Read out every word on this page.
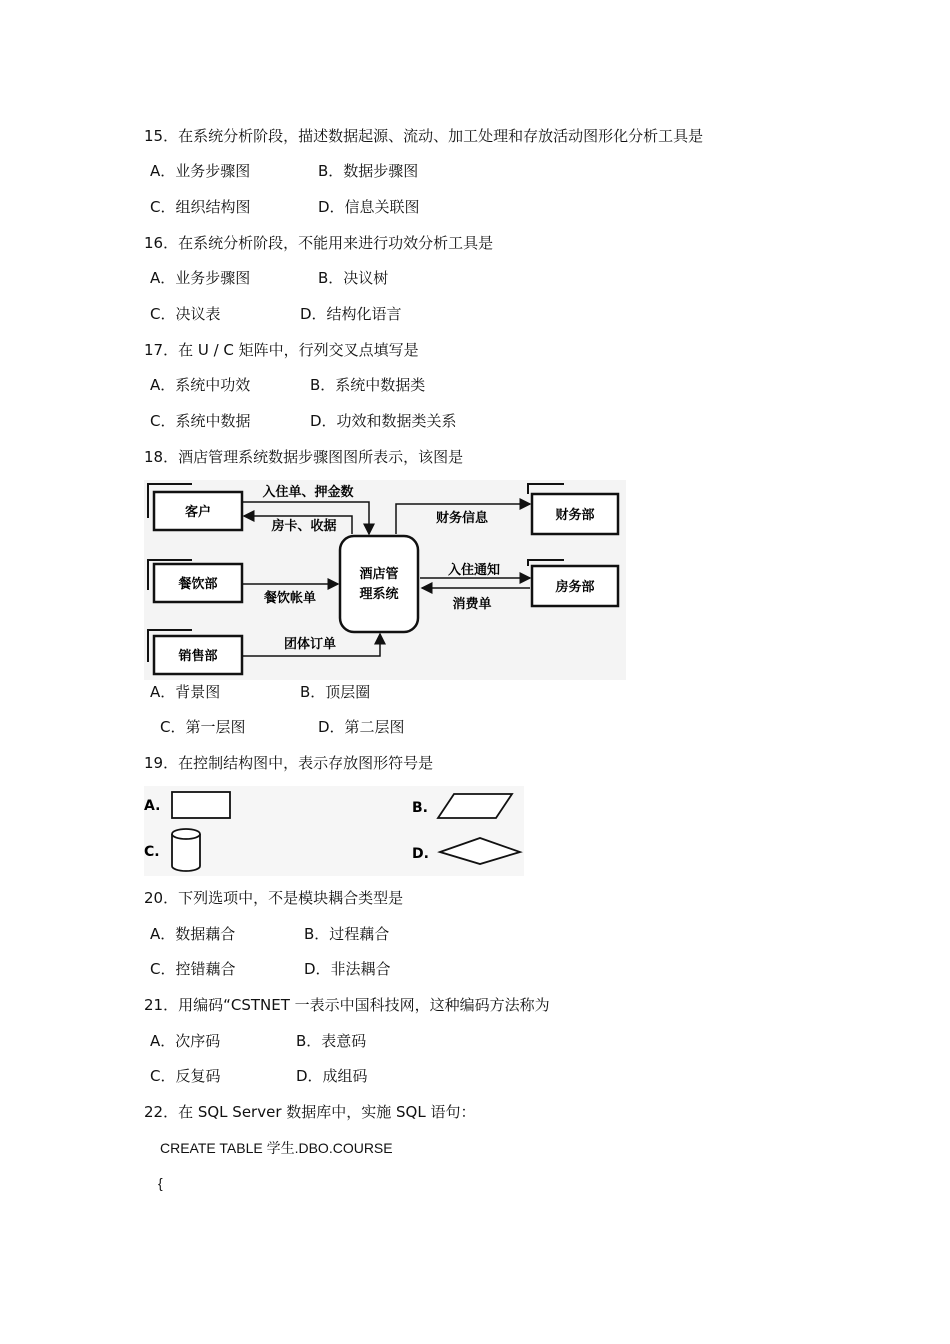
15．在系统分析阶段，描述数据起源、流动、加工处理和存放活动图形化分析工具是
A．业务步骤图	B．数据步骤图
C．组织结构图	D．信息关联图
16．在系统分析阶段，不能用来进行功效分析工具是
A．业务步骤图	B．决议树
C．决议表	D．结构化语言
17．在 U / C 矩阵中，行列交叉点填写是
A．系统中功效	B．系统中数据类
C．系统中数据	D．功效和数据类关系
18．酒店管理系统数据步骤图图所表示，该图是
客户
餐饮部
销售部
酒店管
理系统
财务部
房务部
入住单、押金数
房卡、收据
餐饮帐单
团体订单
财务信息
入住通知
消费单
A．背景图	B．顶层圈
C．第一层图	D．第二层图
19．在控制结构图中，表示存放图形符号是
A.	B.
C.	D.
20．下列选项中，不是模块耦合类型是
A．数据藕合	B．过程藕合
C．控错藕合	D．非法耦合
21．用编码“CSTNET 一表示中国科技网，这种编码方法称为
A．次序码	B．表意码
C．反复码	D．成组码
22．在 SQL Server 数据库中，实施 SQL 语句：
CREATE TABLE 学生.DBO.COURSE
{
